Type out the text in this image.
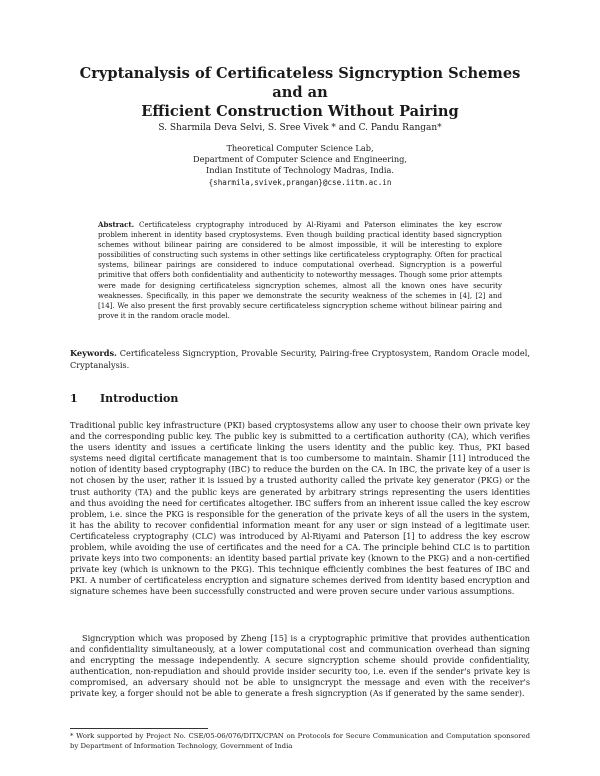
Cryptanalysis of Certificateless Signcryption Schemes and an
Efficient Construction Without Pairing
S. Sharmila Deva Selvi, S. Sree Vivek * and C. Pandu Rangan*
Theoretical Computer Science Lab,
Department of Computer Science and Engineering,
Indian Institute of Technology Madras, India.
{sharmila,svivek,prangan}@cse.iitm.ac.in
Abstract. Certificateless cryptography introduced by Al-Riyami and Paterson eliminates the key escrow problem inherent in identity based cryptosystems. Even though building practical identity based signcryption schemes without bilinear pairing are considered to be almost impossible, it will be interesting to explore possibilities of constructing such systems in other settings like certificateless cryptography. Often for practical systems, bilinear pairings are considered to induce computational overhead. Signcryption is a powerful primitive that offers both confidentiality and authenticity to noteworthy messages. Though some prior attempts were made for designing certificateless signcryption schemes, almost all the known ones have security weaknesses. Specifically, in this paper we demonstrate the security weakness of the schemes in [4], [2] and [14]. We also present the first provably secure certificateless signcryption scheme without bilinear pairing and prove it in the random oracle model.
Keywords. Certificateless Signcryption, Provable Security, Pairing-free Cryptosystem, Random Oracle model, Cryptanalysis.
1 Introduction

Traditional public key infrastructure (PKI) based cryptosystems allow any user to choose their own private key and the corresponding public key. The public key is submitted to a certification authority (CA), which verifies the users identity and issues a certificate linking the users identity and the public key. Thus, PKI based systems need digital certificate management that is too cumbersome to maintain. Shamir [11] introduced the notion of identity based cryptography (IBC) to reduce the burden on the CA. In IBC, the private key of a user is not chosen by the user, rather it is issued by a trusted authority called the private key generator (PKG) or the trust authority (TA) and the public keys are generated by arbitrary strings representing the users identities and thus avoiding the need for certificates altogether. IBC suffers from an inherent issue called the key escrow problem, i.e. since the PKG is responsible for the generation of the private keys of all the users in the system, it has the ability to recover confidential information meant for any user or sign instead of a legitimate user. Certificateless cryptography (CLC) was introduced by Al-Riyami and Paterson [1] to address the key escrow problem, while avoiding the use of certificates and the need for a CA. The principle behind CLC is to partition private keys into two components: an identity based partial private key (known to the PKG) and a non-certified private key (which is unknown to the PKG). This technique efficiently combines the best features of IBC and PKI. A number of certificateless encryption and signature schemes derived from identity based encryption and signature schemes have been successfully constructed and were proven secure under various assumptions.

Signcryption which was proposed by Zheng [15] is a cryptographic primitive that provides authentication and confidentiality simultaneously, at a lower computational cost and communication overhead than signing and encrypting the message independently. A secure signcryption scheme should provide confidentiality, authentication, non-repudiation and should provide insider security too, i.e. even if the sender's private key is compromised, an adversary should not be able to unsigncrypt the message and even with the receiver's private key, a forger should not be able to generate a fresh signcryption (As if generated by the same sender).

* Work supported by Project No. CSE/05-06/076/DITX/CPAN on Protocols for Secure Communication and Computation sponsored by Department of Information Technology, Government of India
